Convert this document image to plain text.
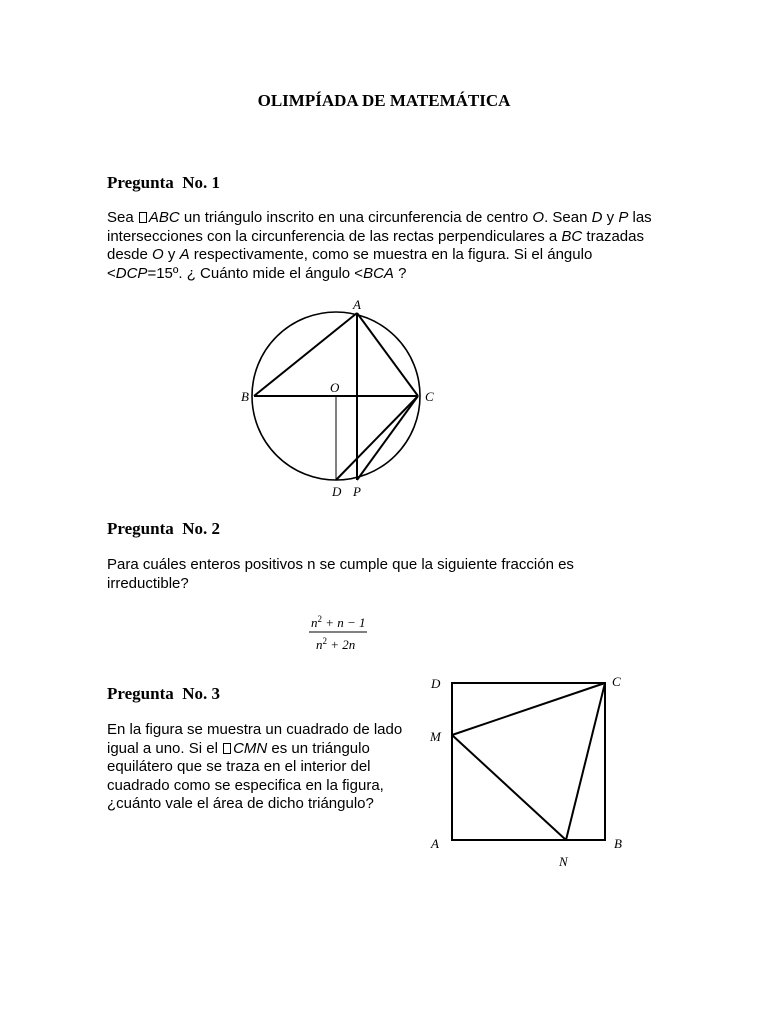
OLIMPÍADA DE MATEMÁTICA
Pregunta  No. 1
Sea ABC un triángulo inscrito en una circunferencia de centro O. Sean D y P las
intersecciones con la circunferencia de las rectas perpendiculares a BC trazadas
desde O y A respectivamente, como se muestra en la figura. Si el ángulo
<DCP=15º. ¿ Cuánto mide el ángulo <BCA ?
A
B	C
O
D P
Pregunta  No. 2
Para cuáles enteros positivos n se cumple que la siguiente fracción es
irreductible?
$n^2 + n - 1$
$n^2 + 2n$
Pregunta  No. 3
En la figura se muestra un cuadrado de lado
igual a uno. Si el CMN es un triángulo
equilátero que se traza en el interior del
cuadrado como se especifica en la figura,
¿cuánto vale el área de dicho triángulo?
D	C
M
A	B
N
